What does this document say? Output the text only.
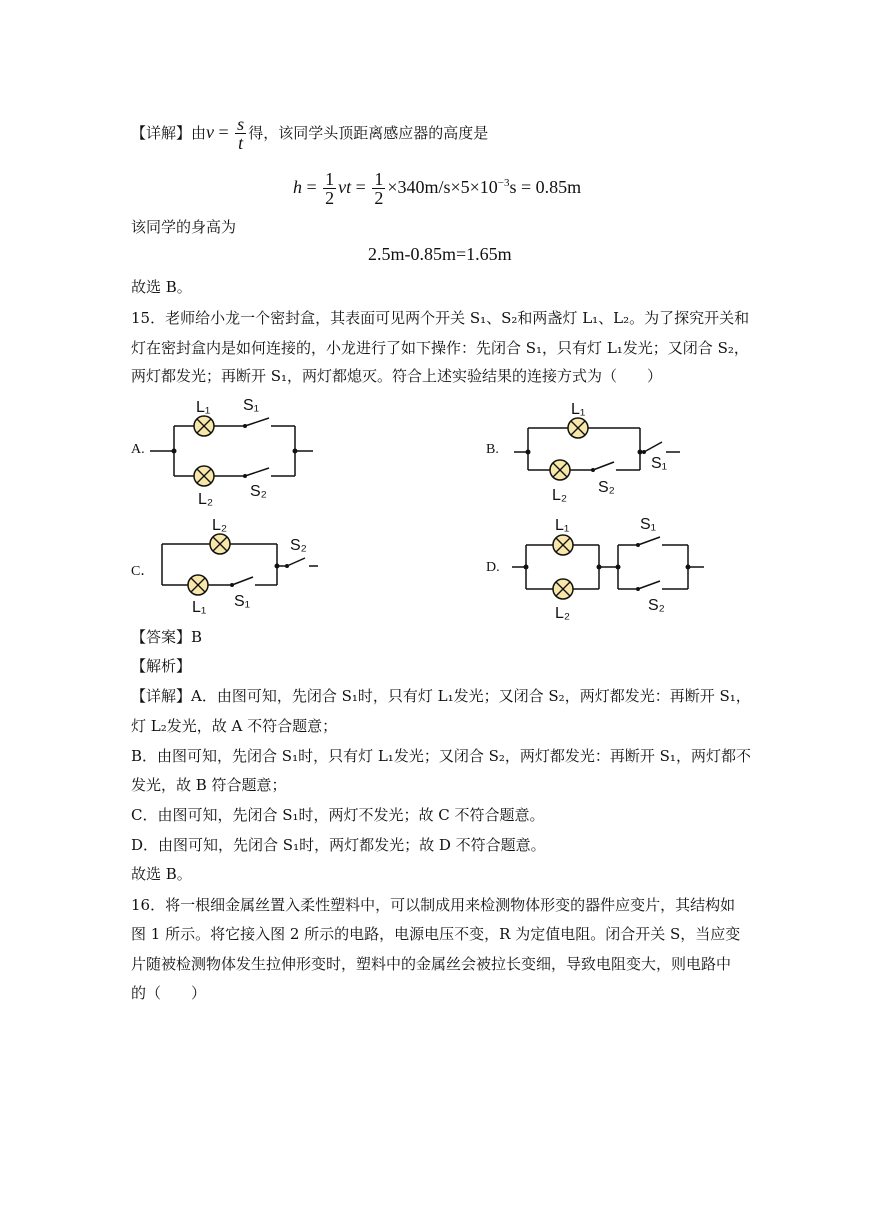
【详解】由$v = \frac{s}{t}$ 得，该同学头顶距离感应器的高度是
$h = \frac{1}{2}$ vt = $\frac{1}{2} \times 340m/s\times 5\times 10^{-3}s = 0.85m$
该同学的身高为
2.5m-0.85m=1.65m
故选 B。
15．老师给小龙一个密封盒，其表面可见两个开关 S₁、S₂和两盏灯 L₁、L₂。为了探究开关和
灯在密封盒内是如何连接的，小龙进行了如下操作：先闭合 S₁，只有灯 L₁发光；又闭合 S₂，
两灯都发光；再断开 S₁，两灯都熄灭。符合上述实验结果的连接方式为（　　）
A.	B.
C．	D.
L₁ S₁
L₂ S₂
L₁
L₂ S₂
S₁
L₂
S₂
L₁ S₁
L₁	S₁
L₂	S₂
【答案】B
【解析】
【详解】A．由图可知，先闭合 S₁时，只有灯 L₁发光；又闭合 S₂，两灯都发光：再断开 S₁，
灯 L₂发光，故 A 不符合题意；
B．由图可知，先闭合 S₁时，只有灯 L₁发光；又闭合 S₂，两灯都发光：再断开 S₁，两灯都不
发光，故 B 符合题意；
C．由图可知，先闭合 S₁时，两灯不发光；故 C 不符合题意。
D．由图可知，先闭合 S₁时，两灯都发光；故 D 不符合题意。
故选 B。
16．将一根细金属丝置入柔性塑料中，可以制成用来检测物体形变的器件应变片，其结构如
图 1 所示。将它接入图 2 所示的电路，电源电压不变，R 为定值电阻。闭合开关 S，当应变
片随被检测物体发生拉伸形变时，塑料中的金属丝会被拉长变细，导致电阻变大，则电路中
的（　　）
